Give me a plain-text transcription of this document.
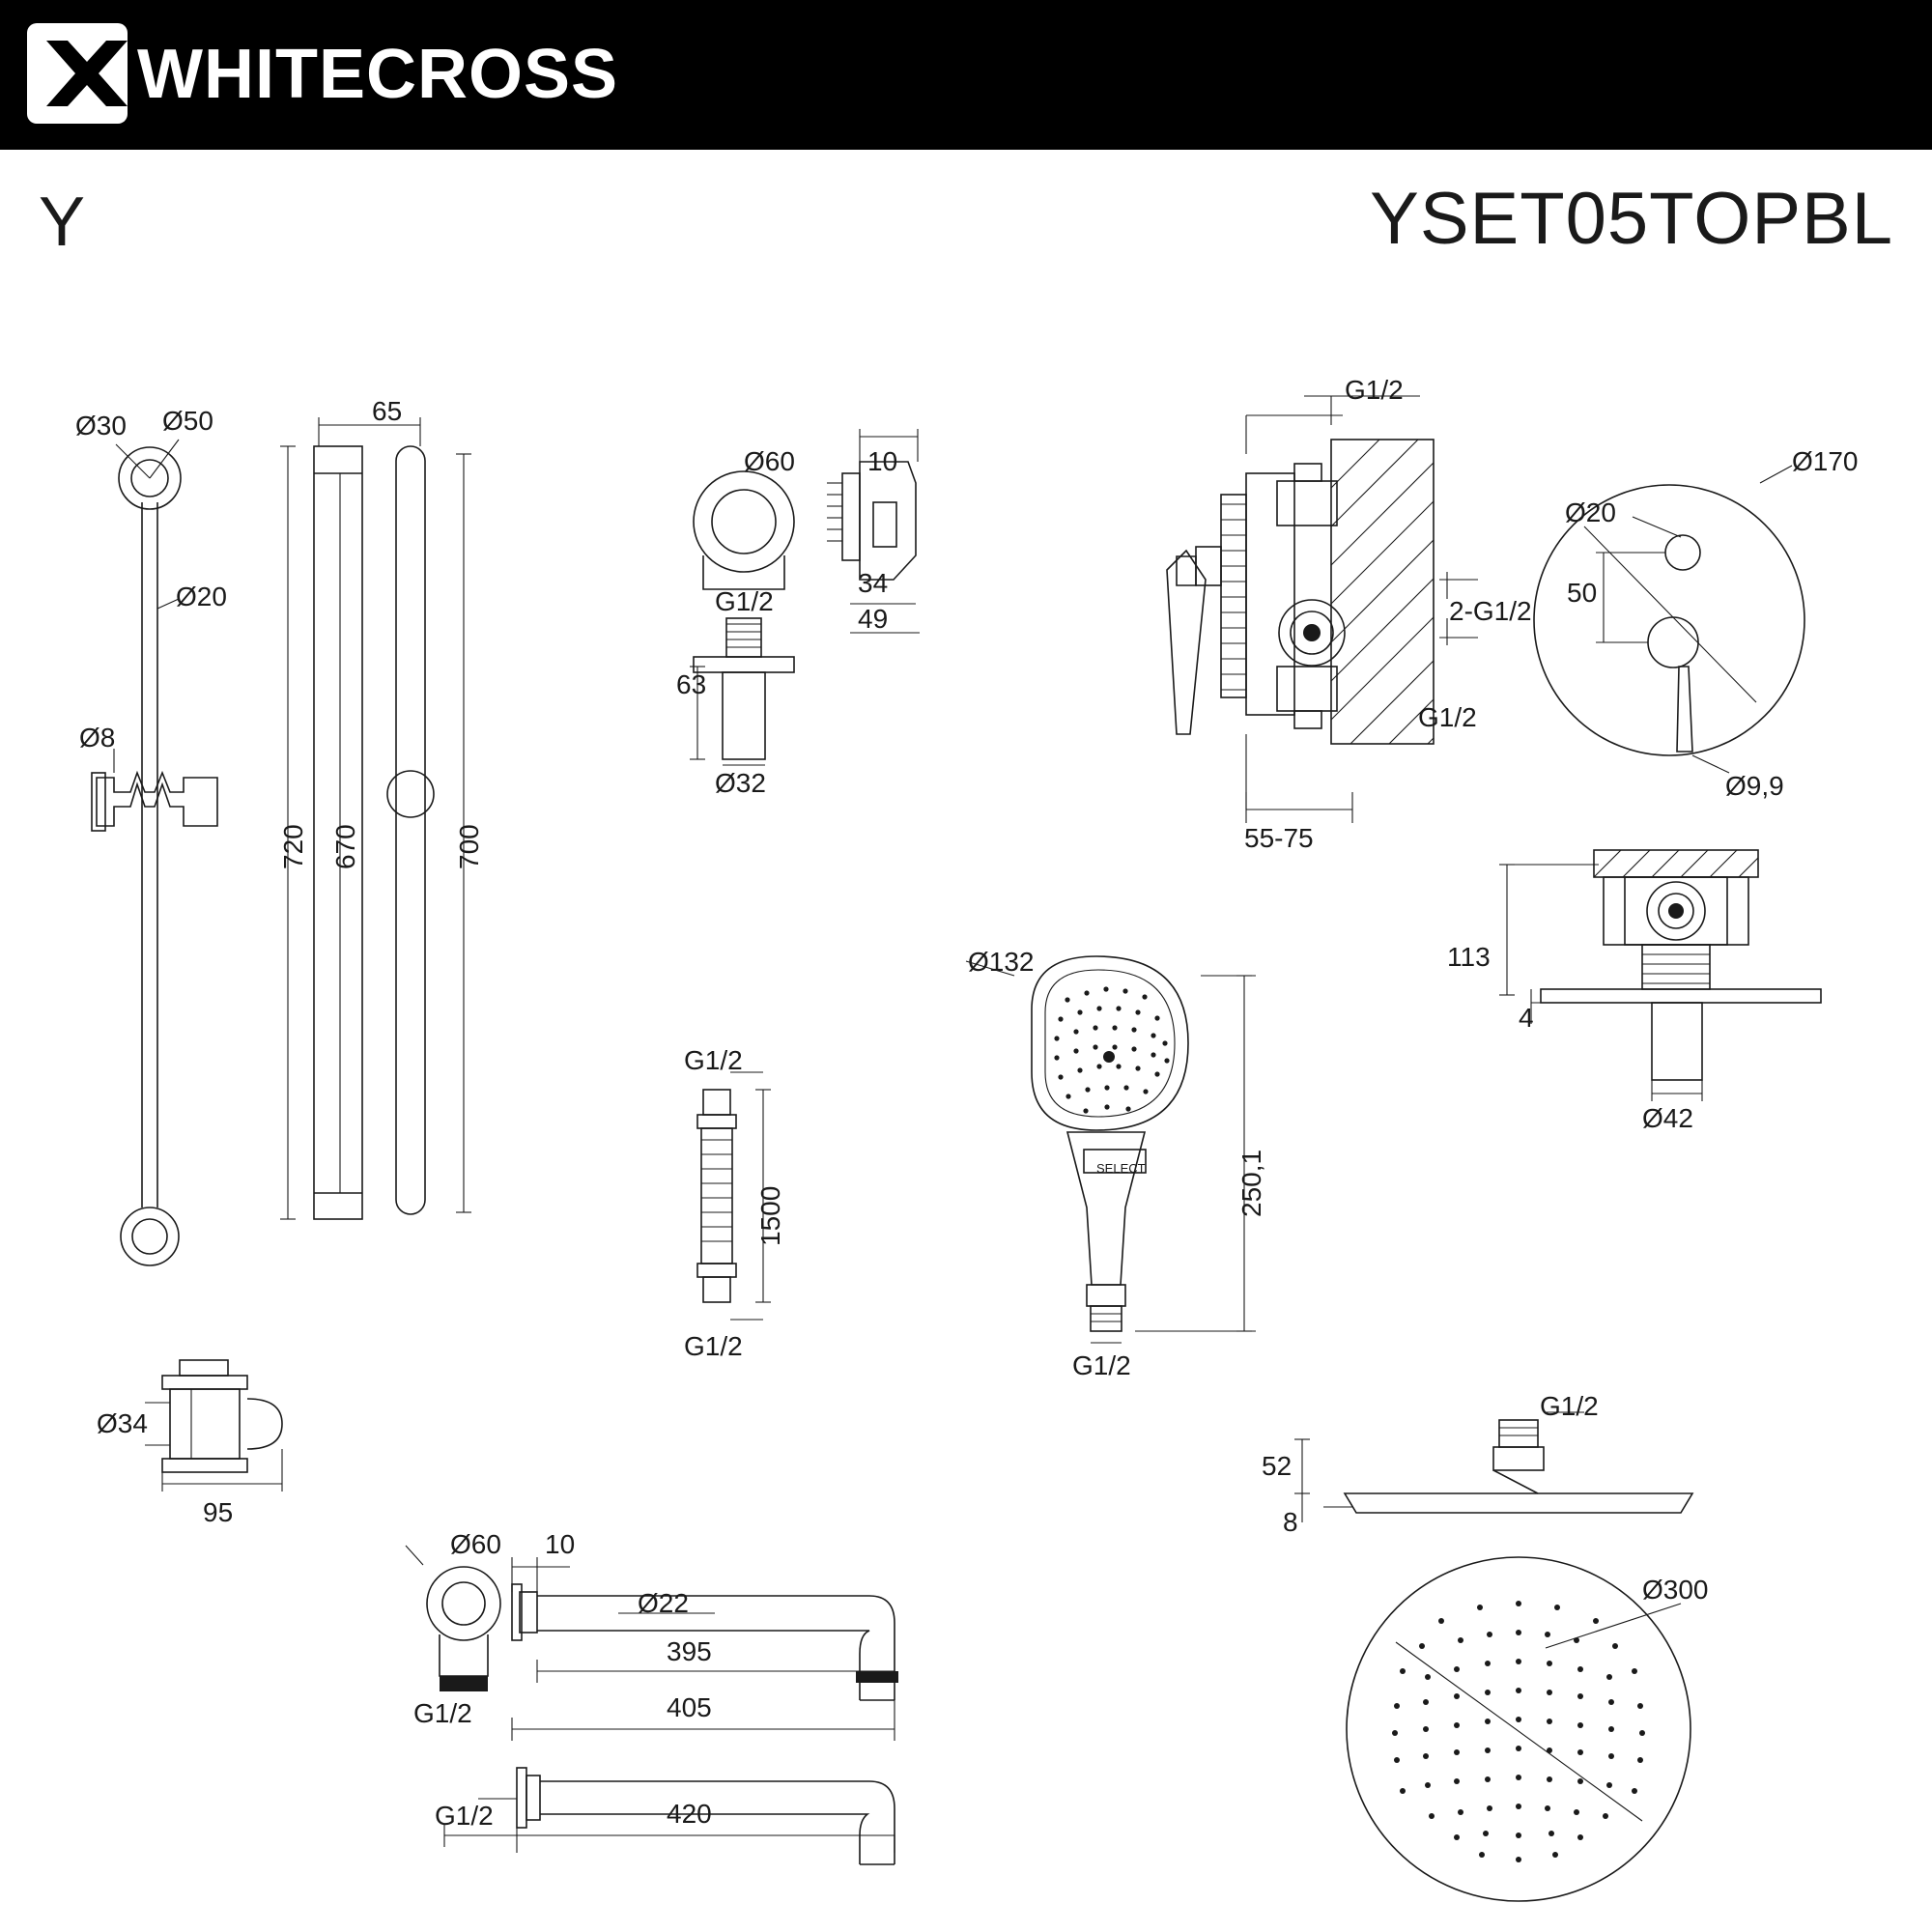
WHITECROSS
Y	YSET05TOPBL
Ø30 Ø50
Ø20
Ø8
720
65
670	700
Ø60	10
34
49
G1/2
63
Ø32
G1/2
1500
G1/2
Ø34
95
G1/2
2-G1/2
G1/2
55-75
Ø170
Ø20
50
Ø9,9
113
4
Ø42
Ø132
250,1
G1/2
SELECT
Ø60 10
Ø22
395
405
G1/2
G1/2	420
G1/2
52
8
Ø300
